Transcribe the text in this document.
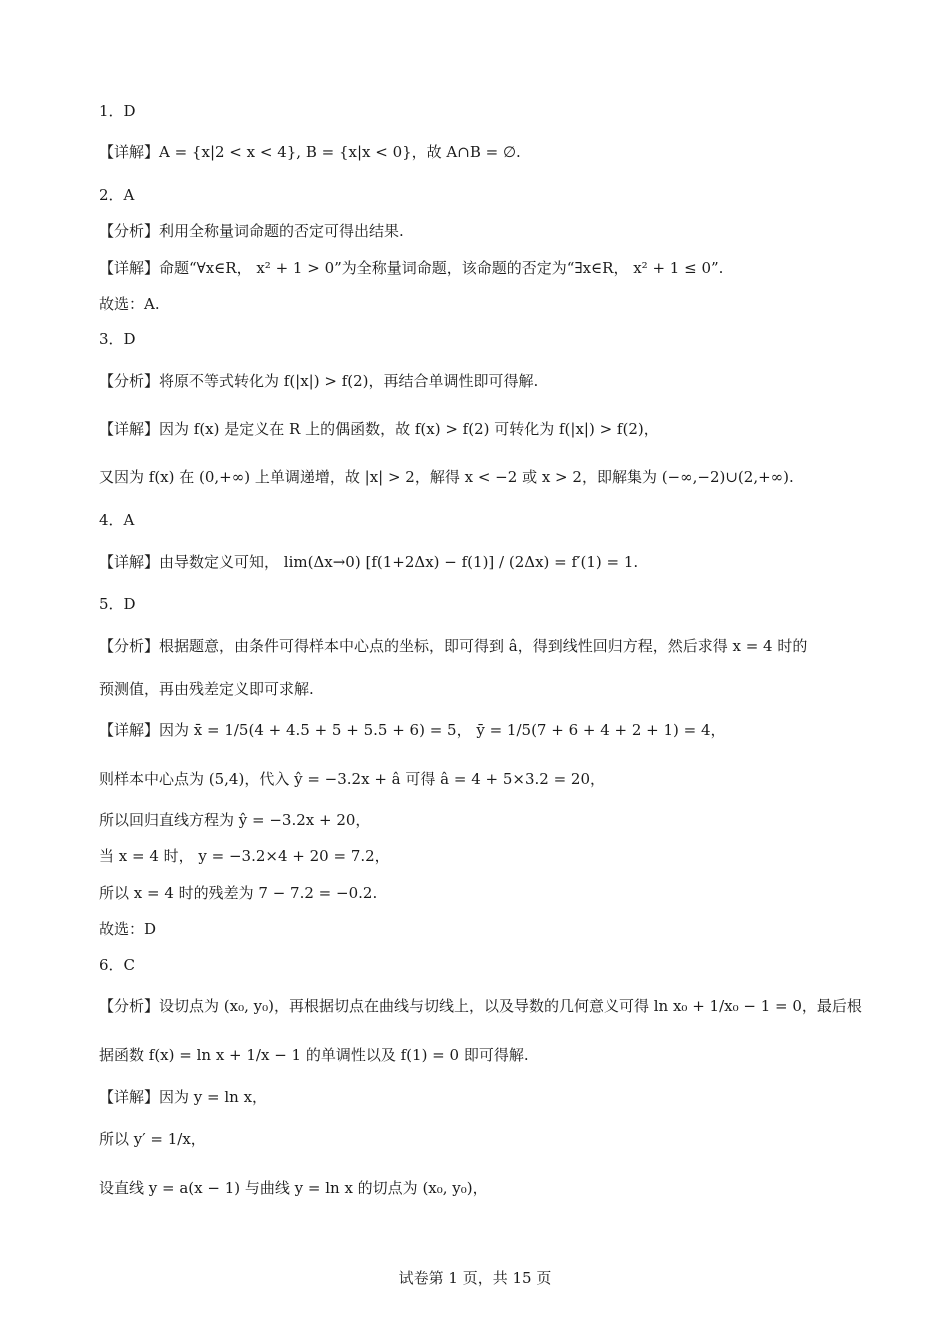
1．D
【详解】A = {x|2 < x < 4}, B = {x|x < 0}，故 A∩B = ∅.
2．A
【分析】利用全称量词命题的否定可得出结果.
【详解】命题“∀x∈R， x² + 1 > 0”为全称量词命题，该命题的否定为“∃x∈R， x² + 1 ≤ 0”.
故选：A.
3．D
【分析】将原不等式转化为 f(|x|) > f(2)，再结合单调性即可得解.
【详解】因为 f(x) 是定义在 R 上的偶函数，故 f(x) > f(2) 可转化为 f(|x|) > f(2)，
又因为 f(x) 在 (0,+∞) 上单调递增，故 |x| > 2，解得 x < −2 或 x > 2，即解集为 (−∞,−2)∪(2,+∞).
4．A
【详解】由导数定义可知， lim(Δx→0) [f(1+2Δx) − f(1)] / (2Δx) = f′(1) = 1.
5．D
【分析】根据题意，由条件可得样本中心点的坐标，即可得到 â，得到线性回归方程，然后求得 x = 4 时的
预测值，再由残差定义即可求解.
【详解】因为 x̄ = 1/5(4 + 4.5 + 5 + 5.5 + 6) = 5， ȳ = 1/5(7 + 6 + 4 + 2 + 1) = 4，
则样本中心点为 (5,4)，代入 ŷ = −3.2x + â 可得 â = 4 + 5×3.2 = 20，
所以回归直线方程为 ŷ = −3.2x + 20，
当 x = 4 时， y = −3.2×4 + 20 = 7.2，
所以 x = 4 时的残差为 7 − 7.2 = −0.2.
故选：D
6．C
【分析】设切点为 (x₀, y₀)，再根据切点在曲线与切线上，以及导数的几何意义可得 ln x₀ + 1/x₀ − 1 = 0，最后根
据函数 f(x) = ln x + 1/x − 1 的单调性以及 f(1) = 0 即可得解.
【详解】因为 y = ln x，
所以 y′ = 1/x，
设直线 y = a(x − 1) 与曲线 y = ln x 的切点为 (x₀, y₀)，
试卷第 1 页，共 15 页
